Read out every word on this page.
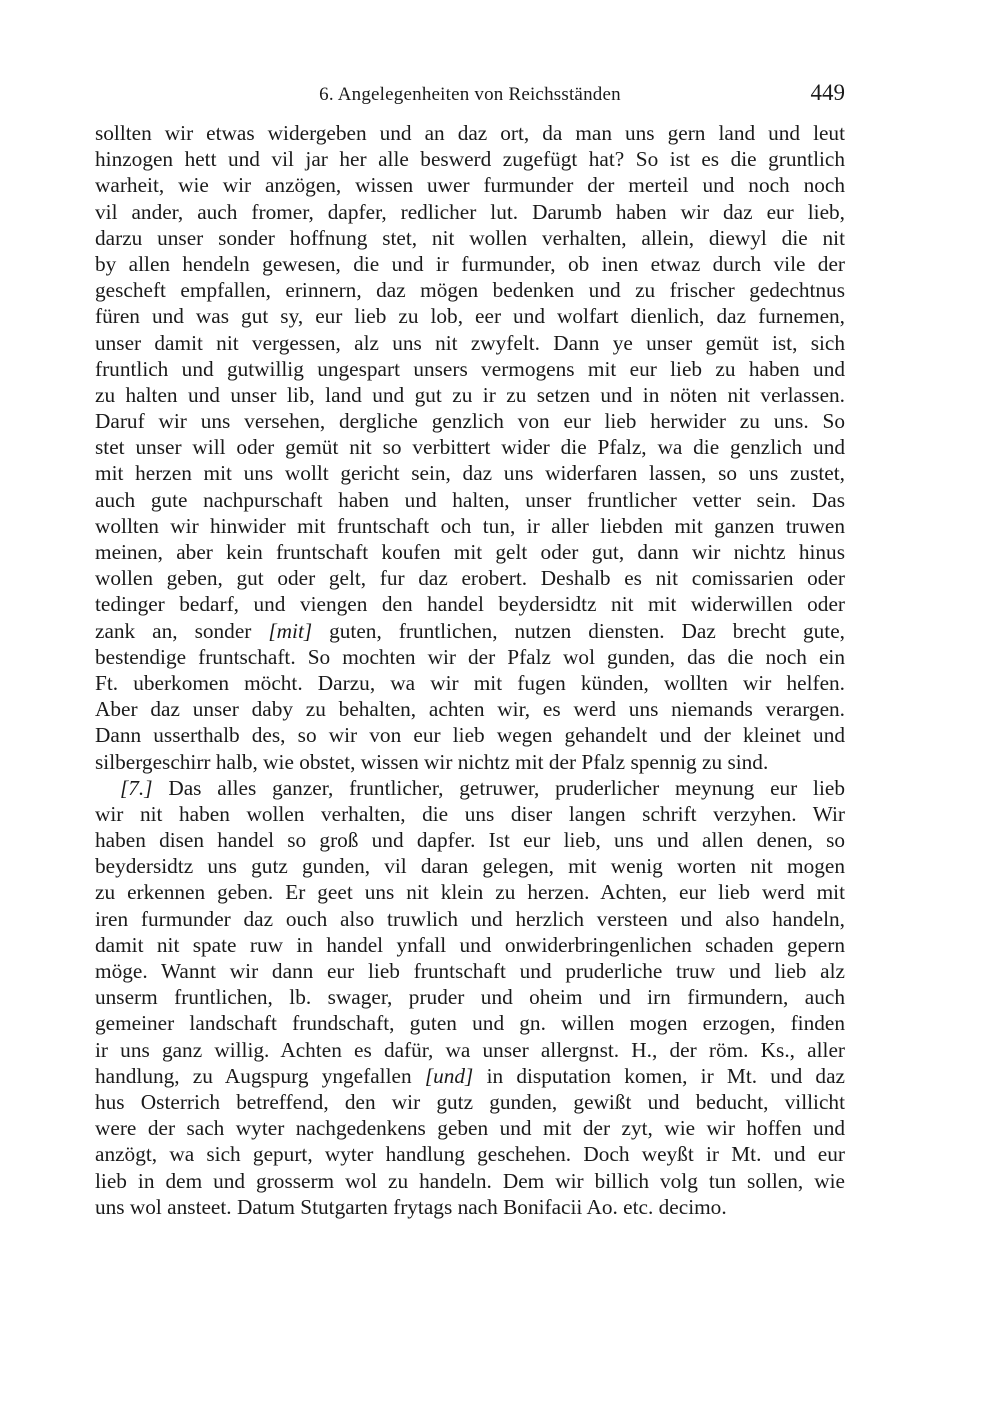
6. Angelegenheiten von Reichsständen	449
sollten wir etwas widergeben und an daz ort, da man uns gern land und leut
hinzogen hett und vil jar her alle beswerd zugefügt hat? So ist es die gruntlich
warheit, wie wir anzögen, wissen uwer furmunder der merteil und noch noch
vil ander, auch fromer, dapfer, redlicher lut. Darumb haben wir daz eur lieb,
darzu unser sonder hoffnung stet, nit wollen verhalten, allein, diewyl die nit
by allen hendeln gewesen, die und ir furmunder, ob inen etwaz durch vile der
gescheft empfallen, erinnern, daz mögen bedenken und zu frischer gedechtnus
füren und was gut sy, eur lieb zu lob, eer und wolfart dienlich, daz furnemen,
unser damit nit vergessen, alz uns nit zwyfelt. Dann ye unser gemüt ist, sich
fruntlich und gutwillig ungespart unsers vermogens mit eur lieb zu haben und
zu halten und unser lib, land und gut zu ir zu setzen und in nöten nit verlassen.
Daruf wir uns versehen, dergliche genzlich von eur lieb herwider zu uns. So
stet unser will oder gemüt nit so verbittert wider die Pfalz, wa die genzlich und
mit herzen mit uns wollt gericht sein, daz uns widerfaren lassen, so uns zustet,
auch gute nachpurschaft haben und halten, unser fruntlicher vetter sein. Das
wollten wir hinwider mit fruntschaft och tun, ir aller liebden mit ganzen truwen
meinen, aber kein fruntschaft koufen mit gelt oder gut, dann wir nichtz hinus
wollen geben, gut oder gelt, fur daz erobert. Deshalb es nit comissarien oder
tedinger bedarf, und viengen den handel beydersidtz nit mit widerwillen oder
zank an, sonder [mit] guten, fruntlichen, nutzen diensten. Daz brecht gute,
bestendige fruntschaft. So mochten wir der Pfalz wol gunden, das die noch ein
Ft. uberkomen möcht. Darzu, wa wir mit fugen künden, wollten wir helfen.
Aber daz unser daby zu behalten, achten wir, es werd uns niemands verargen.
Dann usserthalb des, so wir von eur lieb wegen gehandelt und der kleinet und
silbergeschirr halb, wie obstet, wissen wir nichtz mit der Pfalz spennig zu sind.
[7.] Das alles ganzer, fruntlicher, getruwer, pruderlicher meynung eur lieb
wir nit haben wollen verhalten, die uns diser langen schrift verzyhen. Wir
haben disen handel so groß und dapfer. Ist eur lieb, uns und allen denen, so
beydersidtz uns gutz gunden, vil daran gelegen, mit wenig worten nit mogen
zu erkennen geben. Er geet uns nit klein zu herzen. Achten, eur lieb werd mit
iren furmunder daz ouch also truwlich und herzlich versteen und also handeln,
damit nit spate ruw in handel ynfall und onwiderbringenlichen schaden gepern
möge. Wannt wir dann eur lieb fruntschaft und pruderliche truw und lieb alz
unserm fruntlichen, lb. swager, pruder und oheim und irn firmundern, auch
gemeiner landschaft frundschaft, guten und gn. willen mogen erzogen, finden
ir uns ganz willig. Achten es dafür, wa unser allergnst. H., der röm. Ks., aller
handlung, zu Augspurg yngefallen [und] in disputation komen, ir Mt. und daz
hus Osterrich betreffend, den wir gutz gunden, gewißt und beducht, villicht
were der sach wyter nachgedenkens geben und mit der zyt, wie wir hoffen und
anzögt, wa sich gepurt, wyter handlung geschehen. Doch weyßt ir Mt. und eur
lieb in dem und grosserm wol zu handeln. Dem wir billich volg tun sollen, wie
uns wol ansteet. Datum Stutgarten frytags nach Bonifacii Ao. etc. decimo.
